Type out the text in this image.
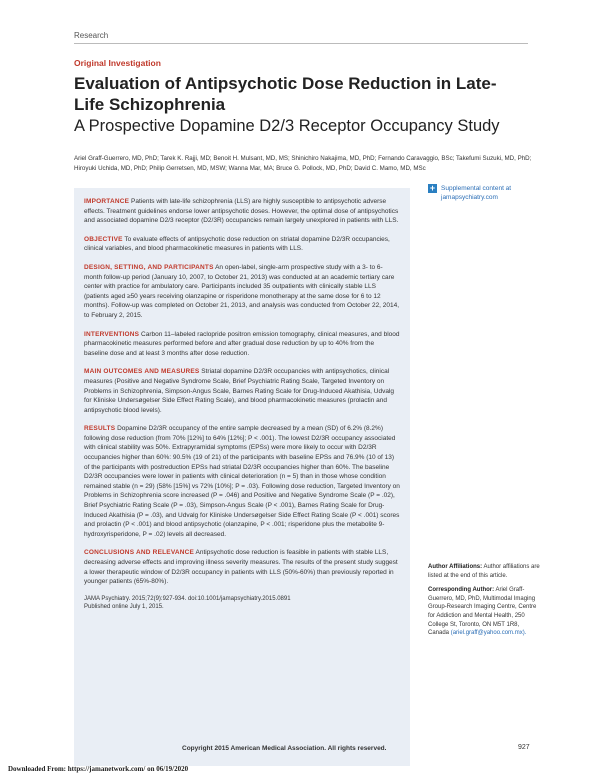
Research
Original Investigation
Evaluation of Antipsychotic Dose Reduction in Late-Life Schizophrenia
A Prospective Dopamine D2/3 Receptor Occupancy Study
Ariel Graff-Guerrero, MD, PhD; Tarek K. Rajji, MD; Benoit H. Mulsant, MD, MS; Shinichiro Nakajima, MD, PhD; Fernando Caravaggio, BSc; Takefumi Suzuki, MD, PhD; Hiroyuki Uchida, MD, PhD; Philip Gerretsen, MD, MSW; Wanna Mar, MA; Bruce G. Pollock, MD, PhD; David C. Mamo, MD, MSc
IMPORTANCE Patients with late-life schizophrenia (LLS) are highly susceptible to antipsychotic adverse effects. Treatment guidelines endorse lower antipsychotic doses. However, the optimal dose of antipsychotics and associated dopamine D2/3 receptor (D2/3R) occupancies remain largely unexplored in patients with LLS.
OBJECTIVE To evaluate effects of antipsychotic dose reduction on striatal dopamine D2/3R occupancies, clinical variables, and blood pharmacokinetic measures in patients with LLS.
DESIGN, SETTING, AND PARTICIPANTS An open-label, single-arm prospective study with a 3- to 6-month follow-up period (January 10, 2007, to October 21, 2013) was conducted at an academic tertiary care center with practice for ambulatory care. Participants included 35 outpatients with clinically stable LLS (patients aged ≥50 years receiving olanzapine or risperidone monotherapy at the same dose for 6 to 12 months). Follow-up was completed on October 21, 2013, and analysis was conducted from October 22, 2014, to February 2, 2015.
INTERVENTIONS Carbon 11–labeled raclopride positron emission tomography, clinical measures, and blood pharmacokinetic measures performed before and after gradual dose reduction by up to 40% from the baseline dose and at least 3 months after dose reduction.
MAIN OUTCOMES AND MEASURES Striatal dopamine D2/3R occupancies with antipsychotics, clinical measures (Positive and Negative Syndrome Scale, Brief Psychiatric Rating Scale, Targeted Inventory on Problems in Schizophrenia, Simpson-Angus Scale, Barnes Rating Scale for Drug-Induced Akathisia, Udvalg for Kliniske Undersøgelser Side Effect Rating Scale), and blood pharmacokinetic measures (prolactin and antipsychotic blood levels).
RESULTS Dopamine D2/3R occupancy of the entire sample decreased by a mean (SD) of 6.2% (8.2%) following dose reduction (from 70% [12%] to 64% [12%]; P < .001). The lowest D2/3R occupancy associated with clinical stability was 50%. Extrapyramidal symptoms (EPSs) were more likely to occur with D2/3R occupancies higher than 60%: 90.5% (19 of 21) of the participants with baseline EPSs and 76.9% (10 of 13) of the participants with postreduction EPSs had striatal D2/3R occupancies higher than 60%. The baseline D2/3R occupancies were lower in patients with clinical deterioration (n = 5) than in those whose condition remained stable (n = 29) (58% [15%] vs 72% [10%]; P = .03). Following dose reduction, Targeted Inventory on Problems in Schizophrenia score increased (P = .046) and Positive and Negative Syndrome Scale (P = .02), Brief Psychiatric Rating Scale (P = .03), Simpson-Angus Scale (P < .001), Barnes Rating Scale for Drug-Induced Akathisia (P = .03), and Udvalg for Kliniske Undersøgelser Side Effect Rating Scale (P < .001) scores and prolactin (P < .001) and blood antipsychotic (olanzapine, P < .001; risperidone plus the metabolite 9-hydroxyrisperidone, P = .02) levels all decreased.
CONCLUSIONS AND RELEVANCE Antipsychotic dose reduction is feasible in patients with stable LLS, decreasing adverse effects and improving illness severity measures. The results of the present study suggest a lower therapeutic window of D2/3R occupancy in patients with LLS (50%-60%) than previously reported in younger patients (65%-80%).
JAMA Psychiatry. 2015;72(9):927-934. doi:10.1001/jamapsychiatry.2015.0891
Published online July 1, 2015.
+ Supplemental content at jamapsychiatry.com
Author Affiliations: Author affiliations are listed at the end of this article.
Corresponding Author: Ariel Graff-Guerrero, MD, PhD, Multimodal Imaging Group-Research Imaging Centre, Centre for Addiction and Mental Health, 250 College St, Toronto, ON M5T 1R8, Canada (ariel.graff@yahoo.com.mx).
Copyright 2015 American Medical Association. All rights reserved.	927
Downloaded From: https://jamanetwork.com/ on 06/19/2020
